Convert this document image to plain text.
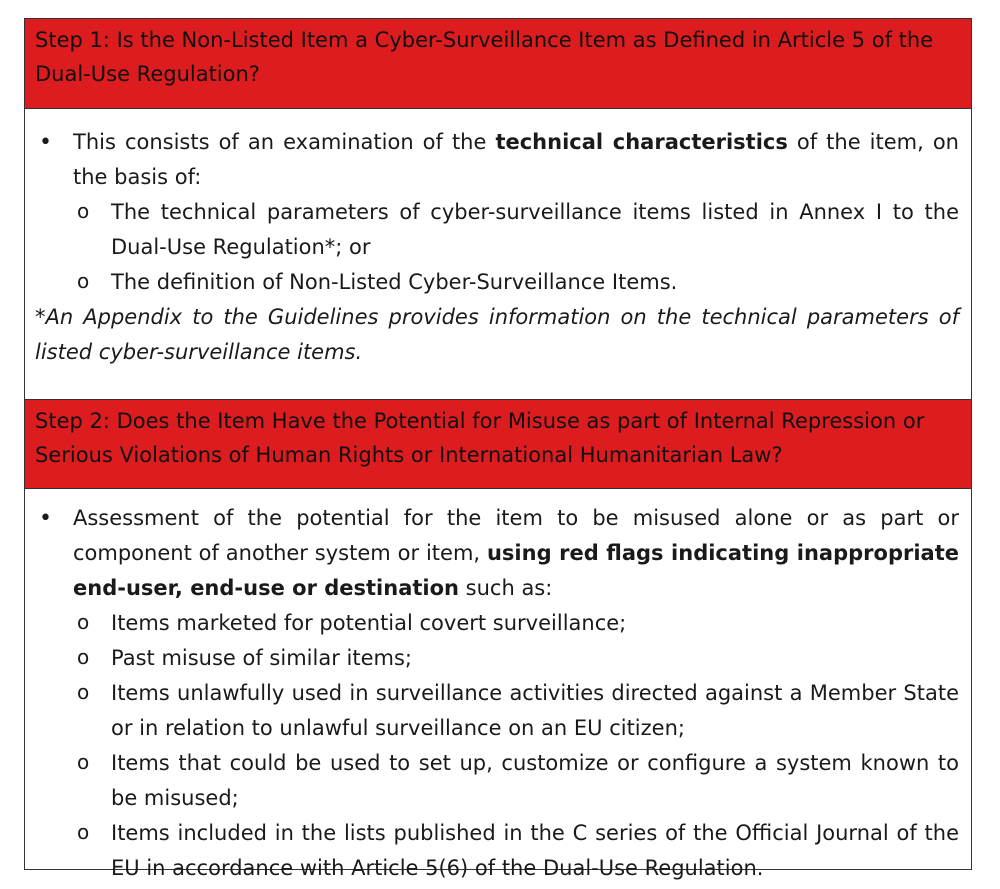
Step 1: Is the Non-Listed Item a Cyber-Surveillance Item as Defined in Article 5 of the Dual-Use Regulation?
• This consists of an examination of the technical characteristics of the item, on the basis of:
o The technical parameters of cyber-surveillance items listed in Annex I to the Dual-Use Regulation*; or
o The definition of Non-Listed Cyber-Surveillance Items.
*An Appendix to the Guidelines provides information on the technical parameters of listed cyber-surveillance items.
Step 2: Does the Item Have the Potential for Misuse as part of Internal Repression or Serious Violations of Human Rights or International Humanitarian Law?
• Assessment of the potential for the item to be misused alone or as part or component of another system or item, using red flags indicating inappropriate end-user, end-use or destination such as:
o Items marketed for potential covert surveillance;
o Past misuse of similar items;
o Items unlawfully used in surveillance activities directed against a Member State or in relation to unlawful surveillance on an EU citizen;
o Items that could be used to set up, customize or configure a system known to be misused;
o Items included in the lists published in the C series of the Official Journal of the EU in accordance with Article 5(6) of the Dual-Use Regulation.
